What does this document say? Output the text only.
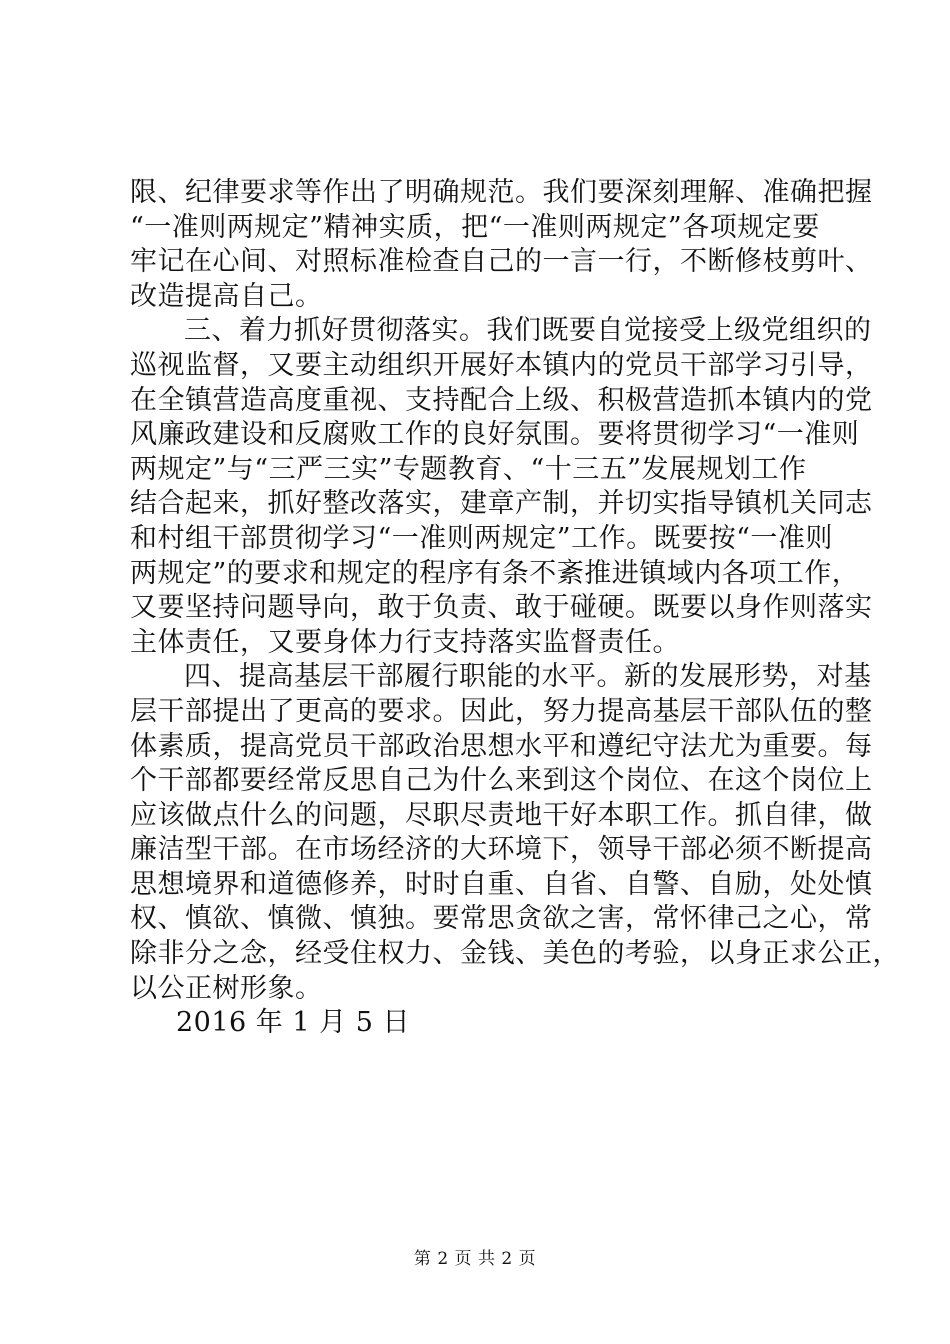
限、纪律要求等作出了明确规范。我们要深刻理解、准确把握
“一准则两规定”精神实质，把“一准则两规定”各项规定要
牢记在心间、对照标准检查自己的一言一行，不断修枝剪叶、
改造提高自己。
三、着力抓好贯彻落实。我们既要自觉接受上级党组织的
巡视监督，又要主动组织开展好本镇内的党员干部学习引导，
在全镇营造高度重视、支持配合上级、积极营造抓本镇内的党
风廉政建设和反腐败工作的良好氛围。要将贯彻学习“一准则
两规定”与“三严三实”专题教育、“十三五”发展规划工作
结合起来，抓好整改落实，建章产制，并切实指导镇机关同志
和村组干部贯彻学习“一准则两规定”工作。既要按“一准则
两规定”的要求和规定的程序有条不紊推进镇域内各项工作，
又要坚持问题导向，敢于负责、敢于碰硬。既要以身作则落实
主体责任，又要身体力行支持落实监督责任。
四、提高基层干部履行职能的水平。新的发展形势，对基
层干部提出了更高的要求。因此，努力提高基层干部队伍的整
体素质，提高党员干部政治思想水平和遵纪守法尤为重要。每
个干部都要经常反思自己为什么来到这个岗位、在这个岗位上
应该做点什么的问题，尽职尽责地干好本职工作。抓自律，做
廉洁型干部。在市场经济的大环境下，领导干部必须不断提高
思想境界和道德修养，时时自重、自省、自警、自励，处处慎
权、慎欲、慎微、慎独。要常思贪欲之害，常怀律己之心，常
除非分之念，经受住权力、金钱、美色的考验，以身正求公正，
以公正树形象。
2016 年 1 月 5 日
第 2 页 共 2 页
